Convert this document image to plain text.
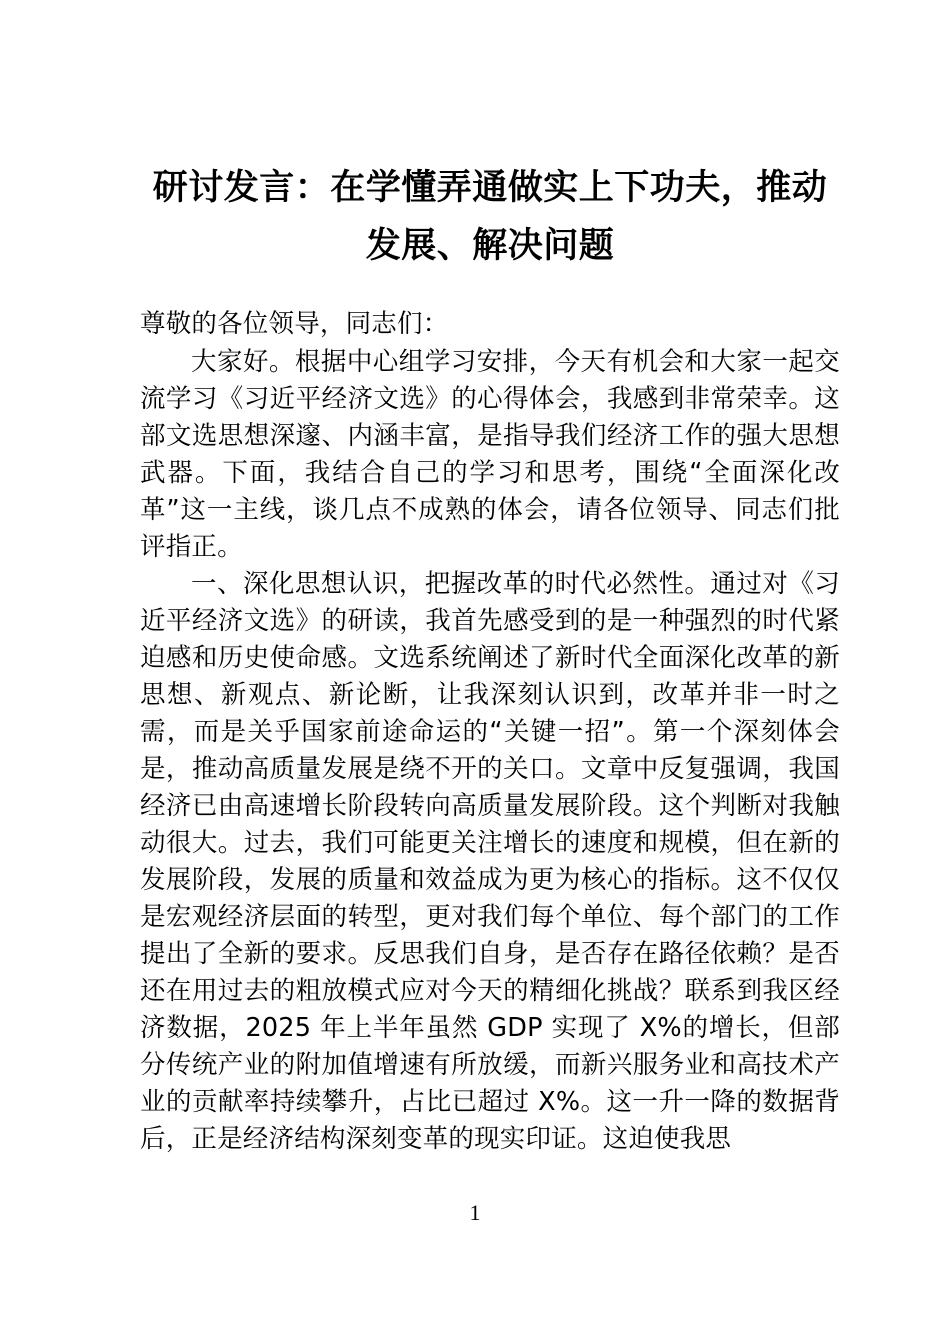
研讨发言：在学懂弄通做实上下功夫，推动发展、解决问题

尊敬的各位领导，同志们：

大家好。根据中心组学习安排，今天有机会和大家一起交流学习《习近平经济文选》的心得体会，我感到非常荣幸。这部文选思想深邃、内涵丰富，是指导我们经济工作的强大思想武器。下面，我结合自己的学习和思考，围绕“全面深化改革”这一主线，谈几点不成熟的体会，请各位领导、同志们批评指正。

一、深化思想认识，把握改革的时代必然性。通过对《习近平经济文选》的研读，我首先感受到的是一种强烈的时代紧迫感和历史使命感。文选系统阐述了新时代全面深化改革的新思想、新观点、新论断，让我深刻认识到，改革并非一时之需，而是关乎国家前途命运的“关键一招”。第一个深刻体会是，推动高质量发展是绕不开的关口。文章中反复强调，我国经济已由高速增长阶段转向高质量发展阶段。这个判断对我触动很大。过去，我们可能更关注增长的速度和规模，但在新的发展阶段，发展的质量和效益成为更为核心的指标。这不仅仅是宏观经济层面的转型，更对我们每个单位、每个部门的工作提出了全新的要求。反思我们自身，是否存在路径依赖？是否还在用过去的粗放模式应对今天的精细化挑战？联系到我区经济数据，2025 年上半年虽然 GDP 实现了 X%的增长，但部分传统产业的附加值增速有所放缓，而新兴服务业和高技术产业的贡献率持续攀升，占比已超过 X%。这一升一降的数据背后，正是经济结构深刻变革的现实印证。这迫使我思

1
